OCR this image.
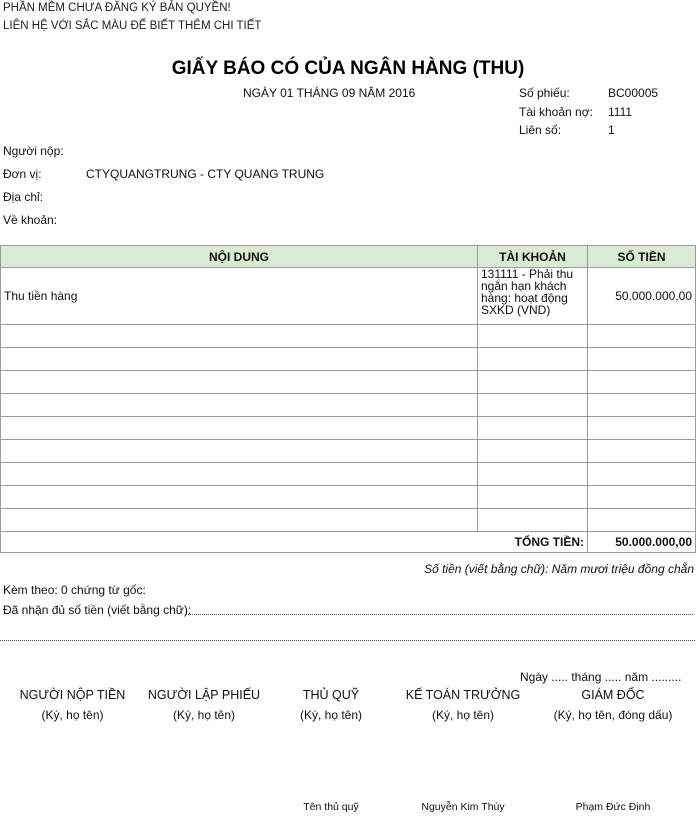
PHẦN MỀM CHƯA ĐĂNG KÝ BẢN QUYỀN!
LIÊN HỆ VỚI SẮC MÀU ĐỂ BIẾT THÊM CHI TIẾT
GIẤY BÁO CÓ CỦA NGÂN HÀNG (THU)
NGÀY 01 THÁNG 09 NĂM 2016	Số phiếu:	BC00005
Tài khoản nợ: 1111
Liên số:	1
Người nộp:
Đơn vị:	CTYQUANGTRUNG - CTY QUANG TRUNG
Địa chỉ:
Về khoản:
NỘI DUNG	TÀI KHOẢN	SỐ TIỀN
Thu tiền hàng	131111 - Phải thu ngắn hạn khách hàng: hoạt động SXKD (VND)	50.000.000,00

TỔNG TIỀN:		50.000.000,00
Số tiền (viết bằng chữ): Năm mươi triệu đồng chẵn
Kèm theo: 0 chứng từ gốc:
Đã nhận đủ số tiền (viết bằng chữ):
Ngày ..... tháng ..... năm .........
NGƯỜI NỘP TIỀN
(Ký, họ tên)
NGƯỜI LẬP PHIẾU
(Ký, họ tên)
THỦ QUỸ
(Ký, họ tên)
Tên thủ quỹ
KẾ TOÁN TRƯỞNG
(Ký, họ tên)
Nguyễn Kim Thúy
GIÁM ĐỐC
(Ký, họ tên, đóng dấu)
Phạm Đức Định
